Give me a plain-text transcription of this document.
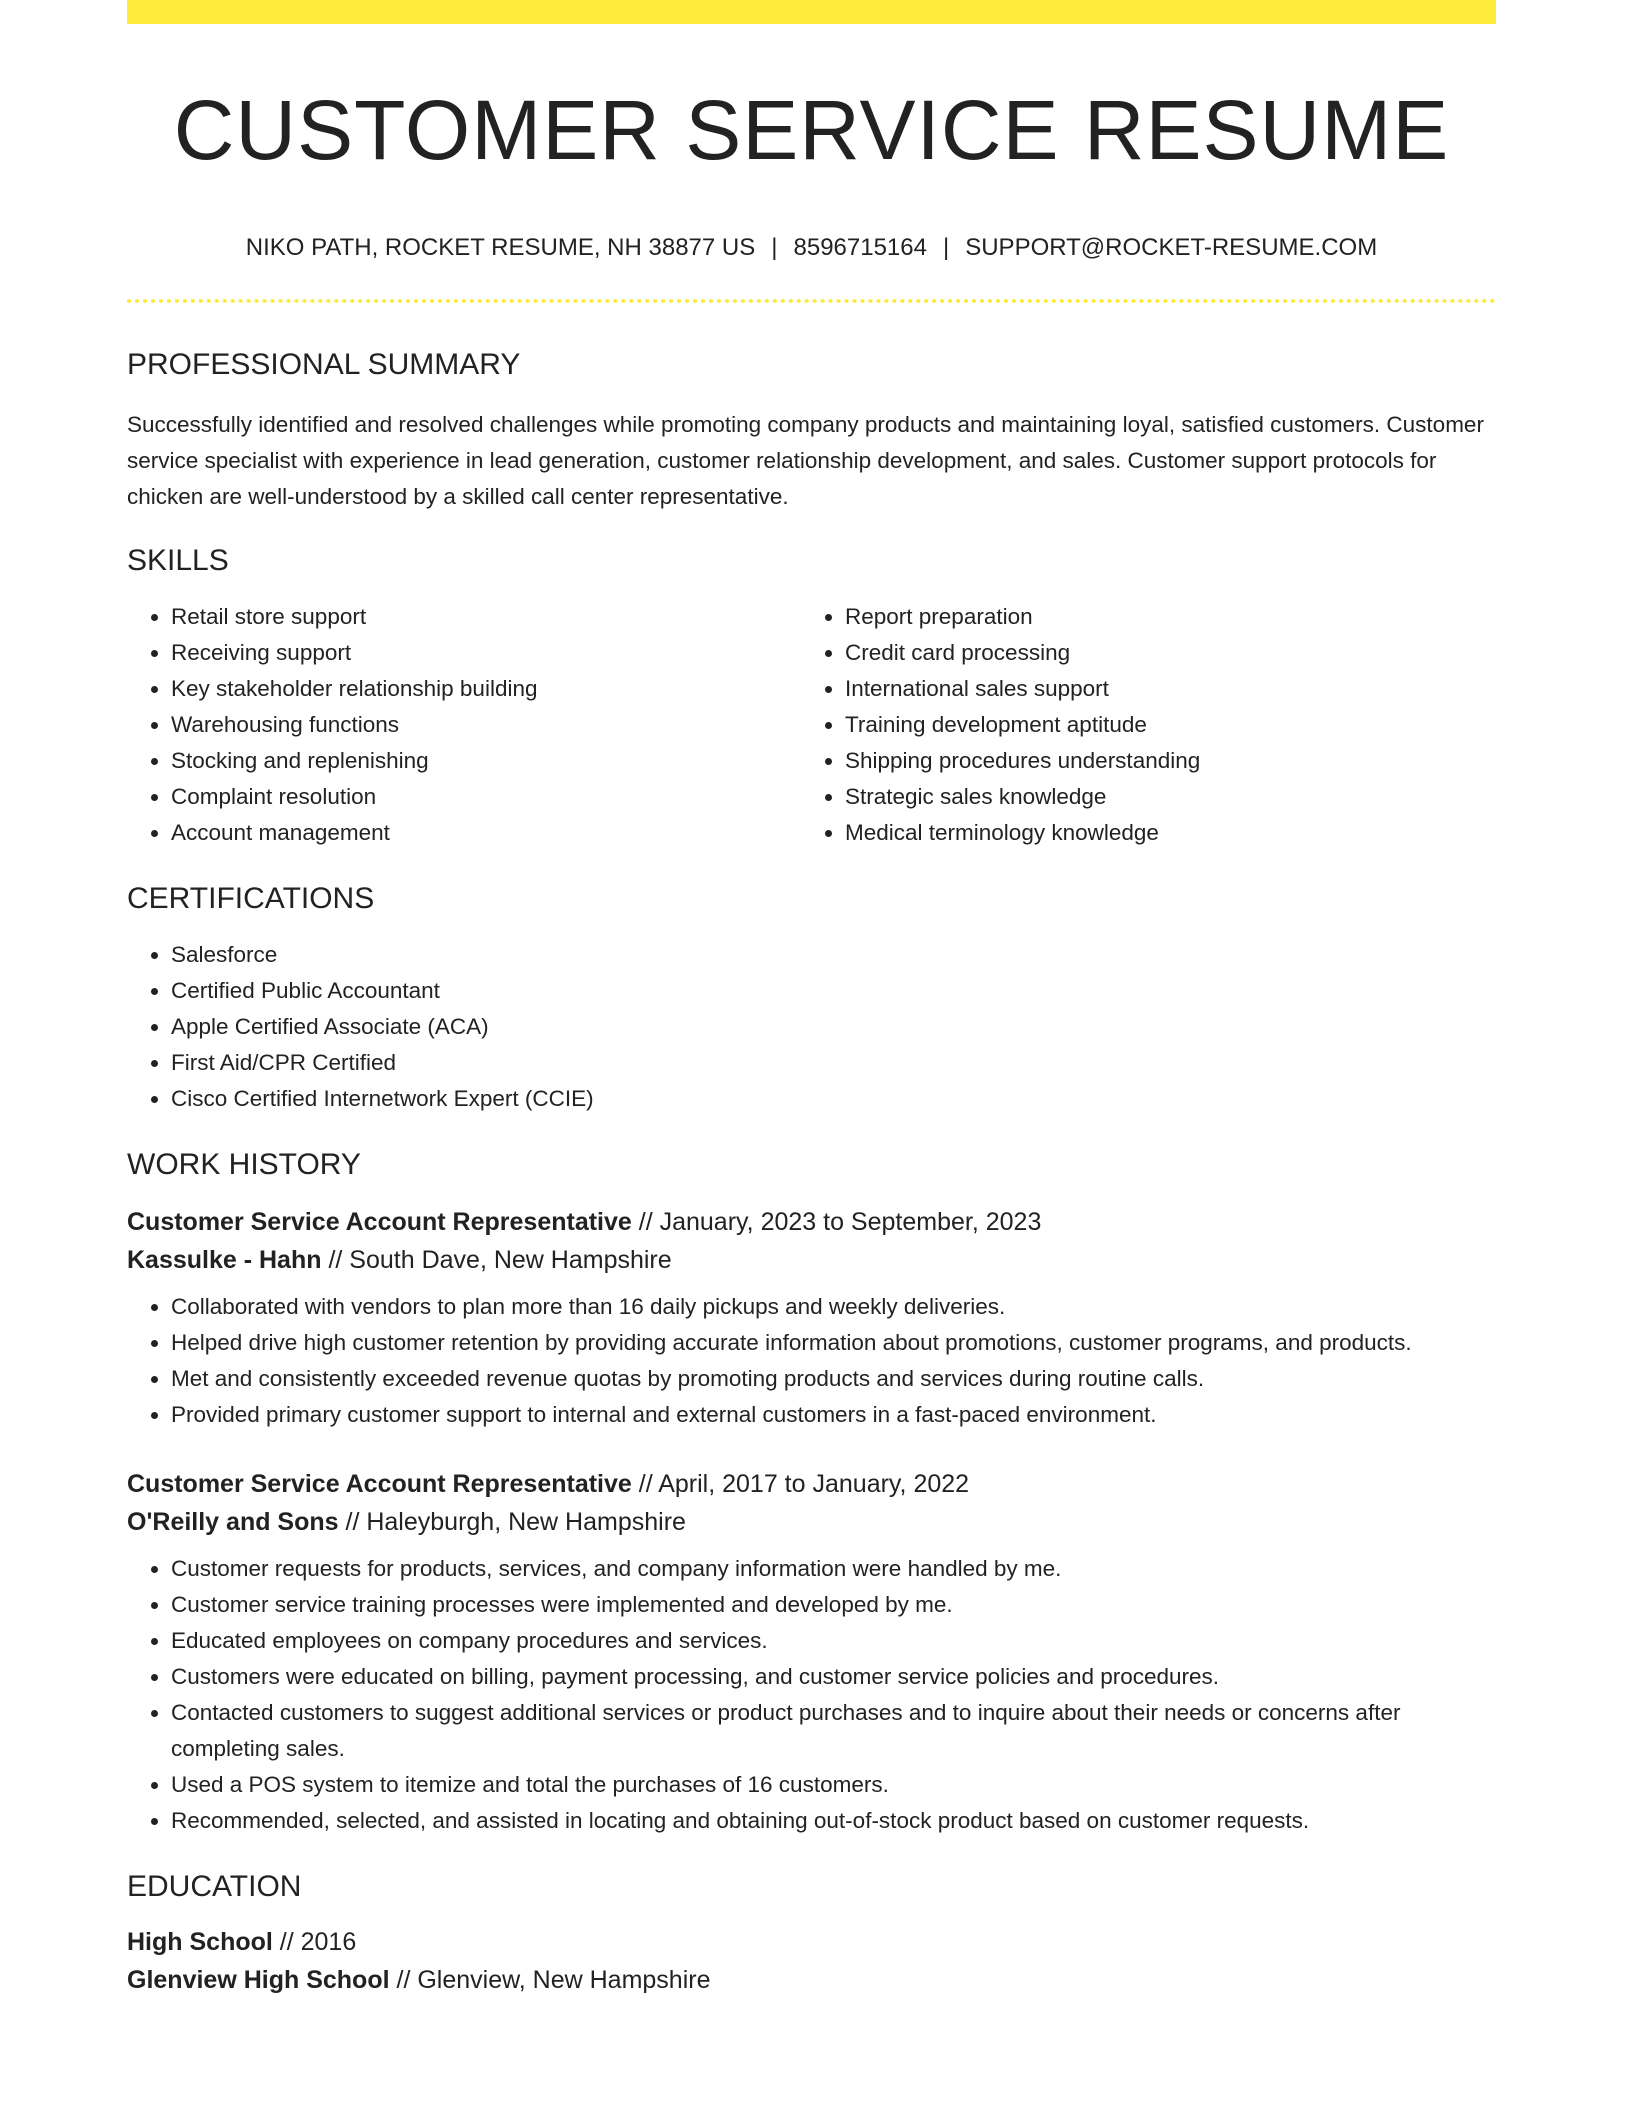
CUSTOMER SERVICE RESUME
NIKO PATH, ROCKET RESUME, NH 38877 US | 8596715164 | SUPPORT@ROCKET-RESUME.COM
PROFESSIONAL SUMMARY

Successfully identified and resolved challenges while promoting company products and maintaining loyal, satisfied customers. Customer service specialist with experience in lead generation, customer relationship development, and sales. Customer support protocols for chicken are well-understood by a skilled call center representative.

SKILLS
• Retail store support
• Receiving support
• Key stakeholder relationship building
• Warehousing functions
• Stocking and replenishing
• Complaint resolution
• Account management
• Report preparation
• Credit card processing
• International sales support
• Training development aptitude
• Shipping procedures understanding
• Strategic sales knowledge
• Medical terminology knowledge
CERTIFICATIONS
• Salesforce
• Certified Public Accountant
• Apple Certified Associate (ACA)
• First Aid/CPR Certified
• Cisco Certified Internetwork Expert (CCIE)
WORK HISTORY
Customer Service Account Representative // January, 2023 to September, 2023
Kassulke - Hahn // South Dave, New Hampshire
• Collaborated with vendors to plan more than 16 daily pickups and weekly deliveries.
• Helped drive high customer retention by providing accurate information about promotions, customer programs, and products.
• Met and consistently exceeded revenue quotas by promoting products and services during routine calls.
• Provided primary customer support to internal and external customers in a fast-paced environment.
Customer Service Account Representative // April, 2017 to January, 2022
O'Reilly and Sons // Haleyburgh, New Hampshire
• Customer requests for products, services, and company information were handled by me.
• Customer service training processes were implemented and developed by me.
• Educated employees on company procedures and services.
• Customers were educated on billing, payment processing, and customer service policies and procedures.
• Contacted customers to suggest additional services or product purchases and to inquire about their needs or concerns after completing sales.
• Used a POS system to itemize and total the purchases of 16 customers.
• Recommended, selected, and assisted in locating and obtaining out-of-stock product based on customer requests.
EDUCATION
High School // 2016
Glenview High School // Glenview, New Hampshire
